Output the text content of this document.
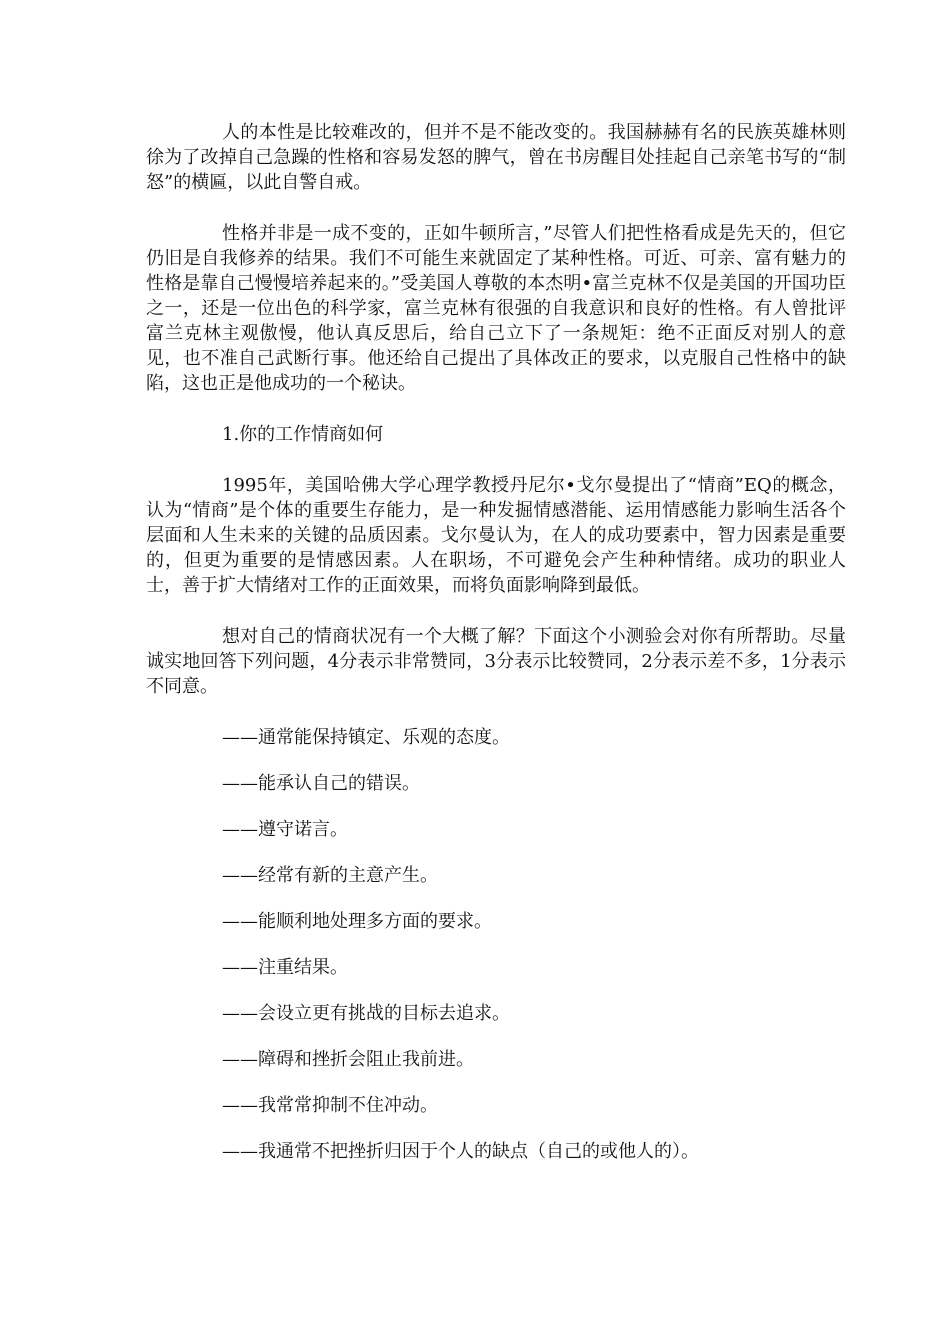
人的本性是比较难改的，但并不是不能改变的。我国赫赫有名的民族英雄林则徐为了改掉自己急躁的性格和容易发怒的脾气，曾在书房醒目处挂起自己亲笔书写的“制怒”的横匾，以此自警自戒。

性格并非是一成不变的，正如牛顿所言，”尽管人们把性格看成是先天的，但它仍旧是自我修养的结果。我们不可能生来就固定了某种性格。可近、可亲、富有魅力的性格是靠自己慢慢培养起来的。”受美国人尊敬的本杰明•富兰克林不仅是美国的开国功臣之一，还是一位出色的科学家，富兰克林有很强的自我意识和良好的性格。有人曾批评富兰克林主观傲慢，他认真反思后，给自己立下了一条规矩：绝不正面反对别人的意见，也不准自己武断行事。他还给自己提出了具体改正的要求，以克服自己性格中的缺陷，这也正是他成功的一个秘诀。

1.你的工作情商如何

1995年，美国哈佛大学心理学教授丹尼尔•戈尔曼提出了“情商”EQ的概念，认为“情商”是个体的重要生存能力，是一种发掘情感潜能、运用情感能力影响生活各个层面和人生未来的关键的品质因素。戈尔曼认为，在人的成功要素中，智力因素是重要的，但更为重要的是情感因素。人在职场，不可避免会产生种种情绪。成功的职业人士，善于扩大情绪对工作的正面效果，而将负面影响降到最低。

想对自己的情商状况有一个大概了解？下面这个小测验会对你有所帮助。尽量诚实地回答下列问题，4分表示非常赞同，3分表示比较赞同，2分表示差不多，1分表示不同意。

——通常能保持镇定、乐观的态度。

——能承认自己的错误。

——遵守诺言。

——经常有新的主意产生。

——能顺利地处理多方面的要求。

——注重结果。

——会设立更有挑战的目标去追求。

——障碍和挫折会阻止我前进。

——我常常抑制不住冲动。

——我通常不把挫折归因于个人的缺点（自己的或他人的）。
